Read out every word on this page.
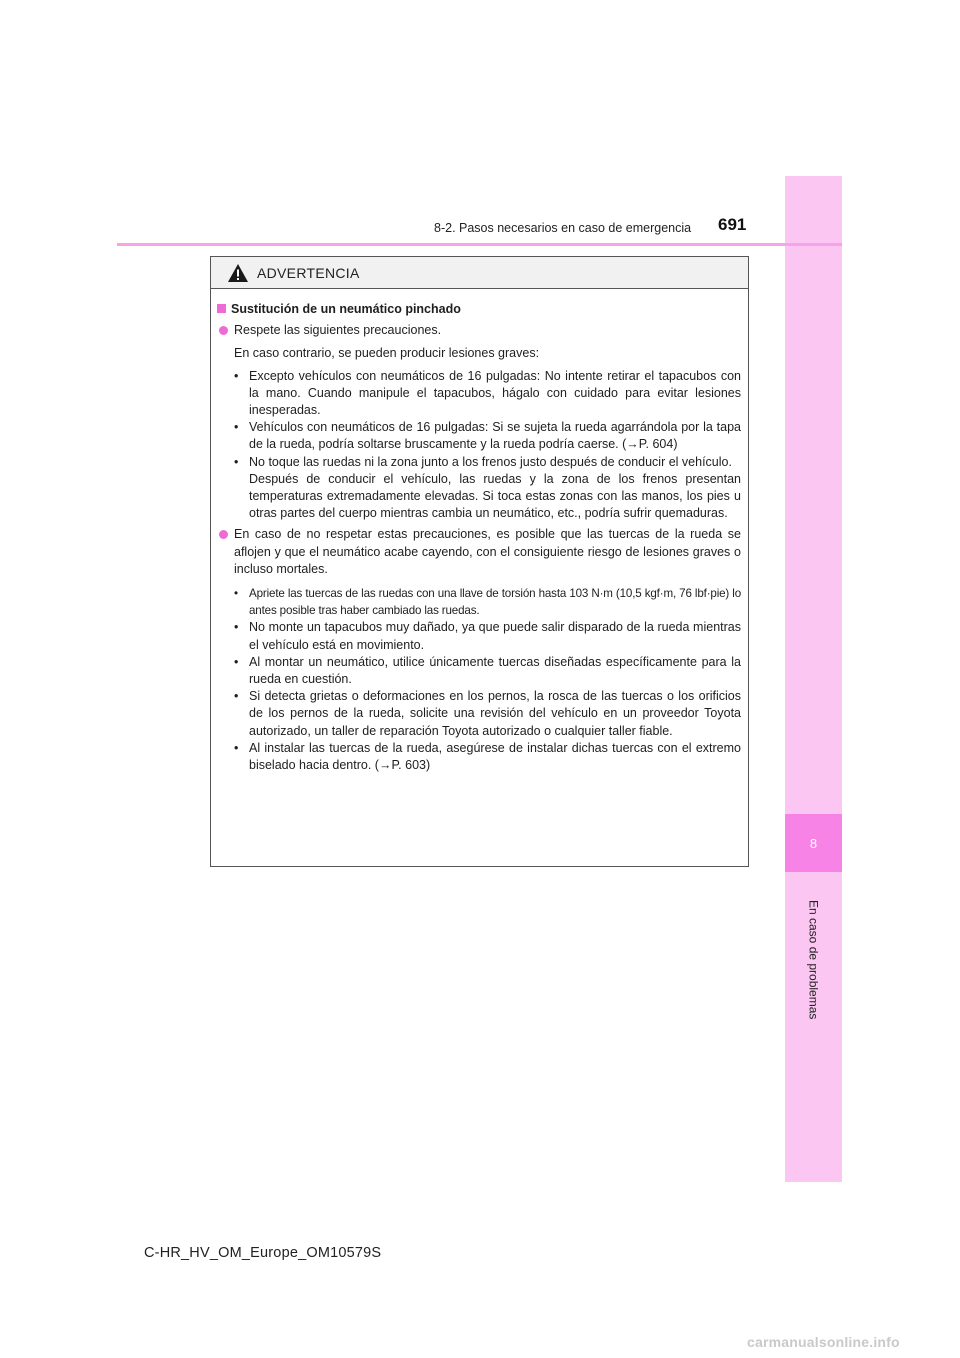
8
En caso de problemas
8-2. Pasos necesarios en caso de emergencia 691
ADVERTENCIA
Sustitución de un neumático pinchado
Respete las siguientes precauciones.
En caso contrario, se pueden producir lesiones graves:
• Excepto vehículos con neumáticos de 16 pulgadas: No intente retirar el tapacubos con la mano. Cuando manipule el tapacubos, hágalo con cuidado para evitar lesiones inesperadas.
• Vehículos con neumáticos de 16 pulgadas: Si se sujeta la rueda agarrándola por la tapa de la rueda, podría soltarse bruscamente y la rueda podría caerse. (→P. 604)
• No toque las ruedas ni la zona junto a los frenos justo después de conducir el vehículo.
Después de conducir el vehículo, las ruedas y la zona de los frenos presentan temperaturas extremadamente elevadas. Si toca estas zonas con las manos, los pies u otras partes del cuerpo mientras cambia un neumático, etc., podría sufrir quemaduras.
En caso de no respetar estas precauciones, es posible que las tuercas de la rueda se aflojen y que el neumático acabe cayendo, con el consiguiente riesgo de lesiones graves o incluso mortales.
• Apriete las tuercas de las ruedas con una llave de torsión hasta 103 N·m (10,5 kgf·m, 76 lbf·pie) lo antes posible tras haber cambiado las ruedas.
• No monte un tapacubos muy dañado, ya que puede salir disparado de la rueda mientras el vehículo está en movimiento.
• Al montar un neumático, utilice únicamente tuercas diseñadas específicamente para la rueda en cuestión.
• Si detecta grietas o deformaciones en los pernos, la rosca de las tuercas o los orificios de los pernos de la rueda, solicite una revisión del vehículo en un proveedor Toyota autorizado, un taller de reparación Toyota autorizado o cualquier taller fiable.
• Al instalar las tuercas de la rueda, asegúrese de instalar dichas tuercas con el extremo biselado hacia dentro. (→P. 603)
C-HR_HV_OM_Europe_OM10579S
carmanualsonline.info
